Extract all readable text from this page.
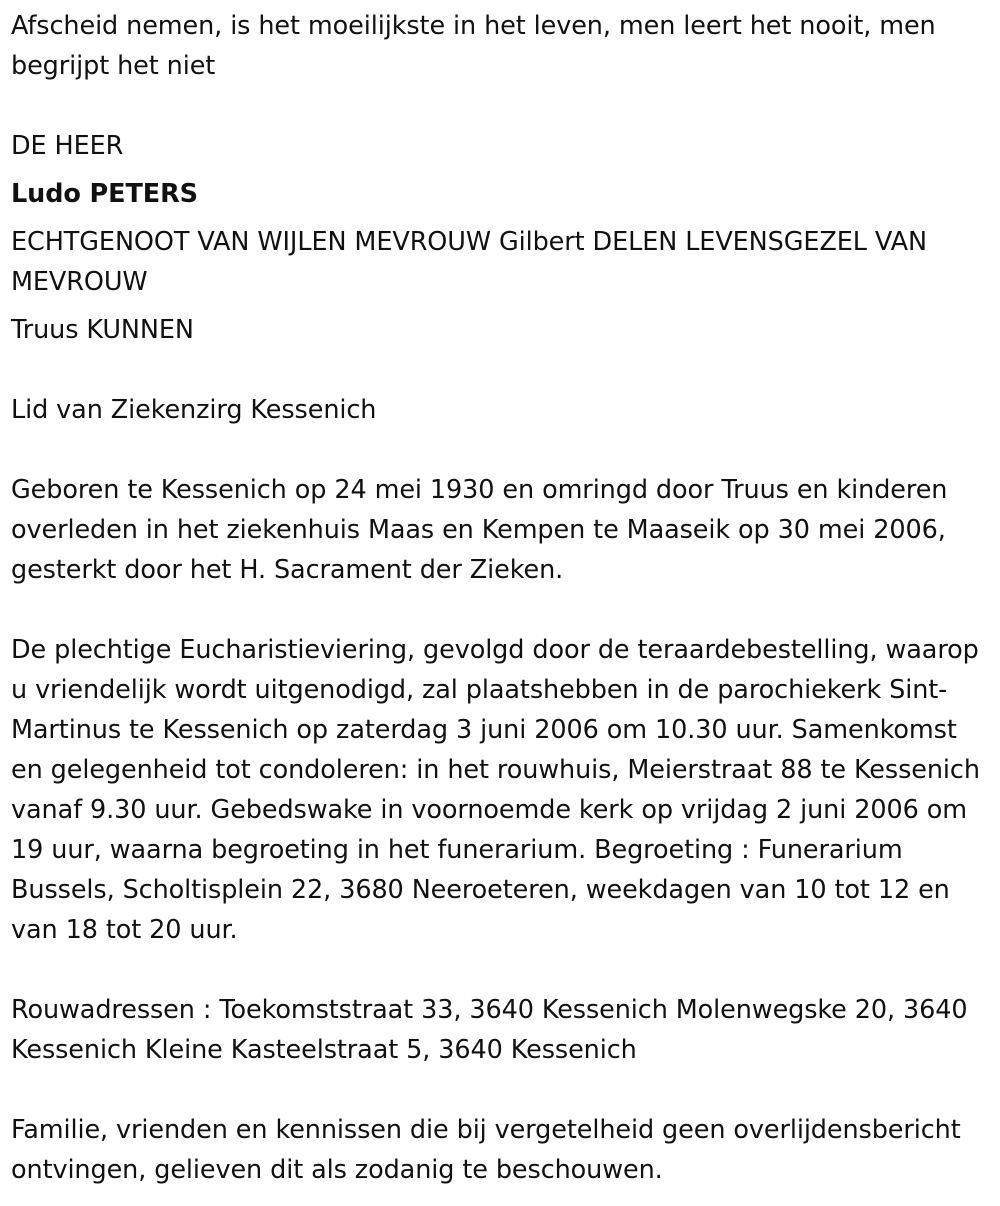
Afscheid nemen, is het moeilijkste in het leven, men leert het nooit, men begrijpt het niet

DE HEER

Ludo PETERS

ECHTGENOOT VAN WIJLEN MEVROUW Gilbert DELEN LEVENSGEZEL VAN MEVROUW

Truus KUNNEN

Lid van Ziekenzirg Kessenich

Geboren te Kessenich op 24 mei 1930 en omringd door Truus en kinderen overleden in het ziekenhuis Maas en Kempen te Maaseik op 30 mei 2006, gesterkt door het H. Sacrament der Zieken.

De plechtige Eucharistieviering, gevolgd door de teraardebestelling, waarop u vriendelijk wordt uitgenodigd, zal plaatshebben in de parochiekerk Sint-Martinus te Kessenich op zaterdag 3 juni 2006 om 10.30 uur. Samenkomst en gelegenheid tot condoleren: in het rouwhuis, Meierstraat 88 te Kessenich vanaf 9.30 uur. Gebedswake in voornoemde kerk op vrijdag 2 juni 2006 om 19 uur, waarna begroeting in het funerarium. Begroeting : Funerarium Bussels, Scholtisplein 22, 3680 Neeroeteren, weekdagen van 10 tot 12 en van 18 tot 20 uur.

Rouwadressen : Toekomststraat 33, 3640 Kessenich Molenwegske 20, 3640 Kessenich Kleine Kasteelstraat 5, 3640 Kessenich

Familie, vrienden en kennissen die bij vergetelheid geen overlijdensbericht ontvingen, gelieven dit als zodanig te beschouwen.
